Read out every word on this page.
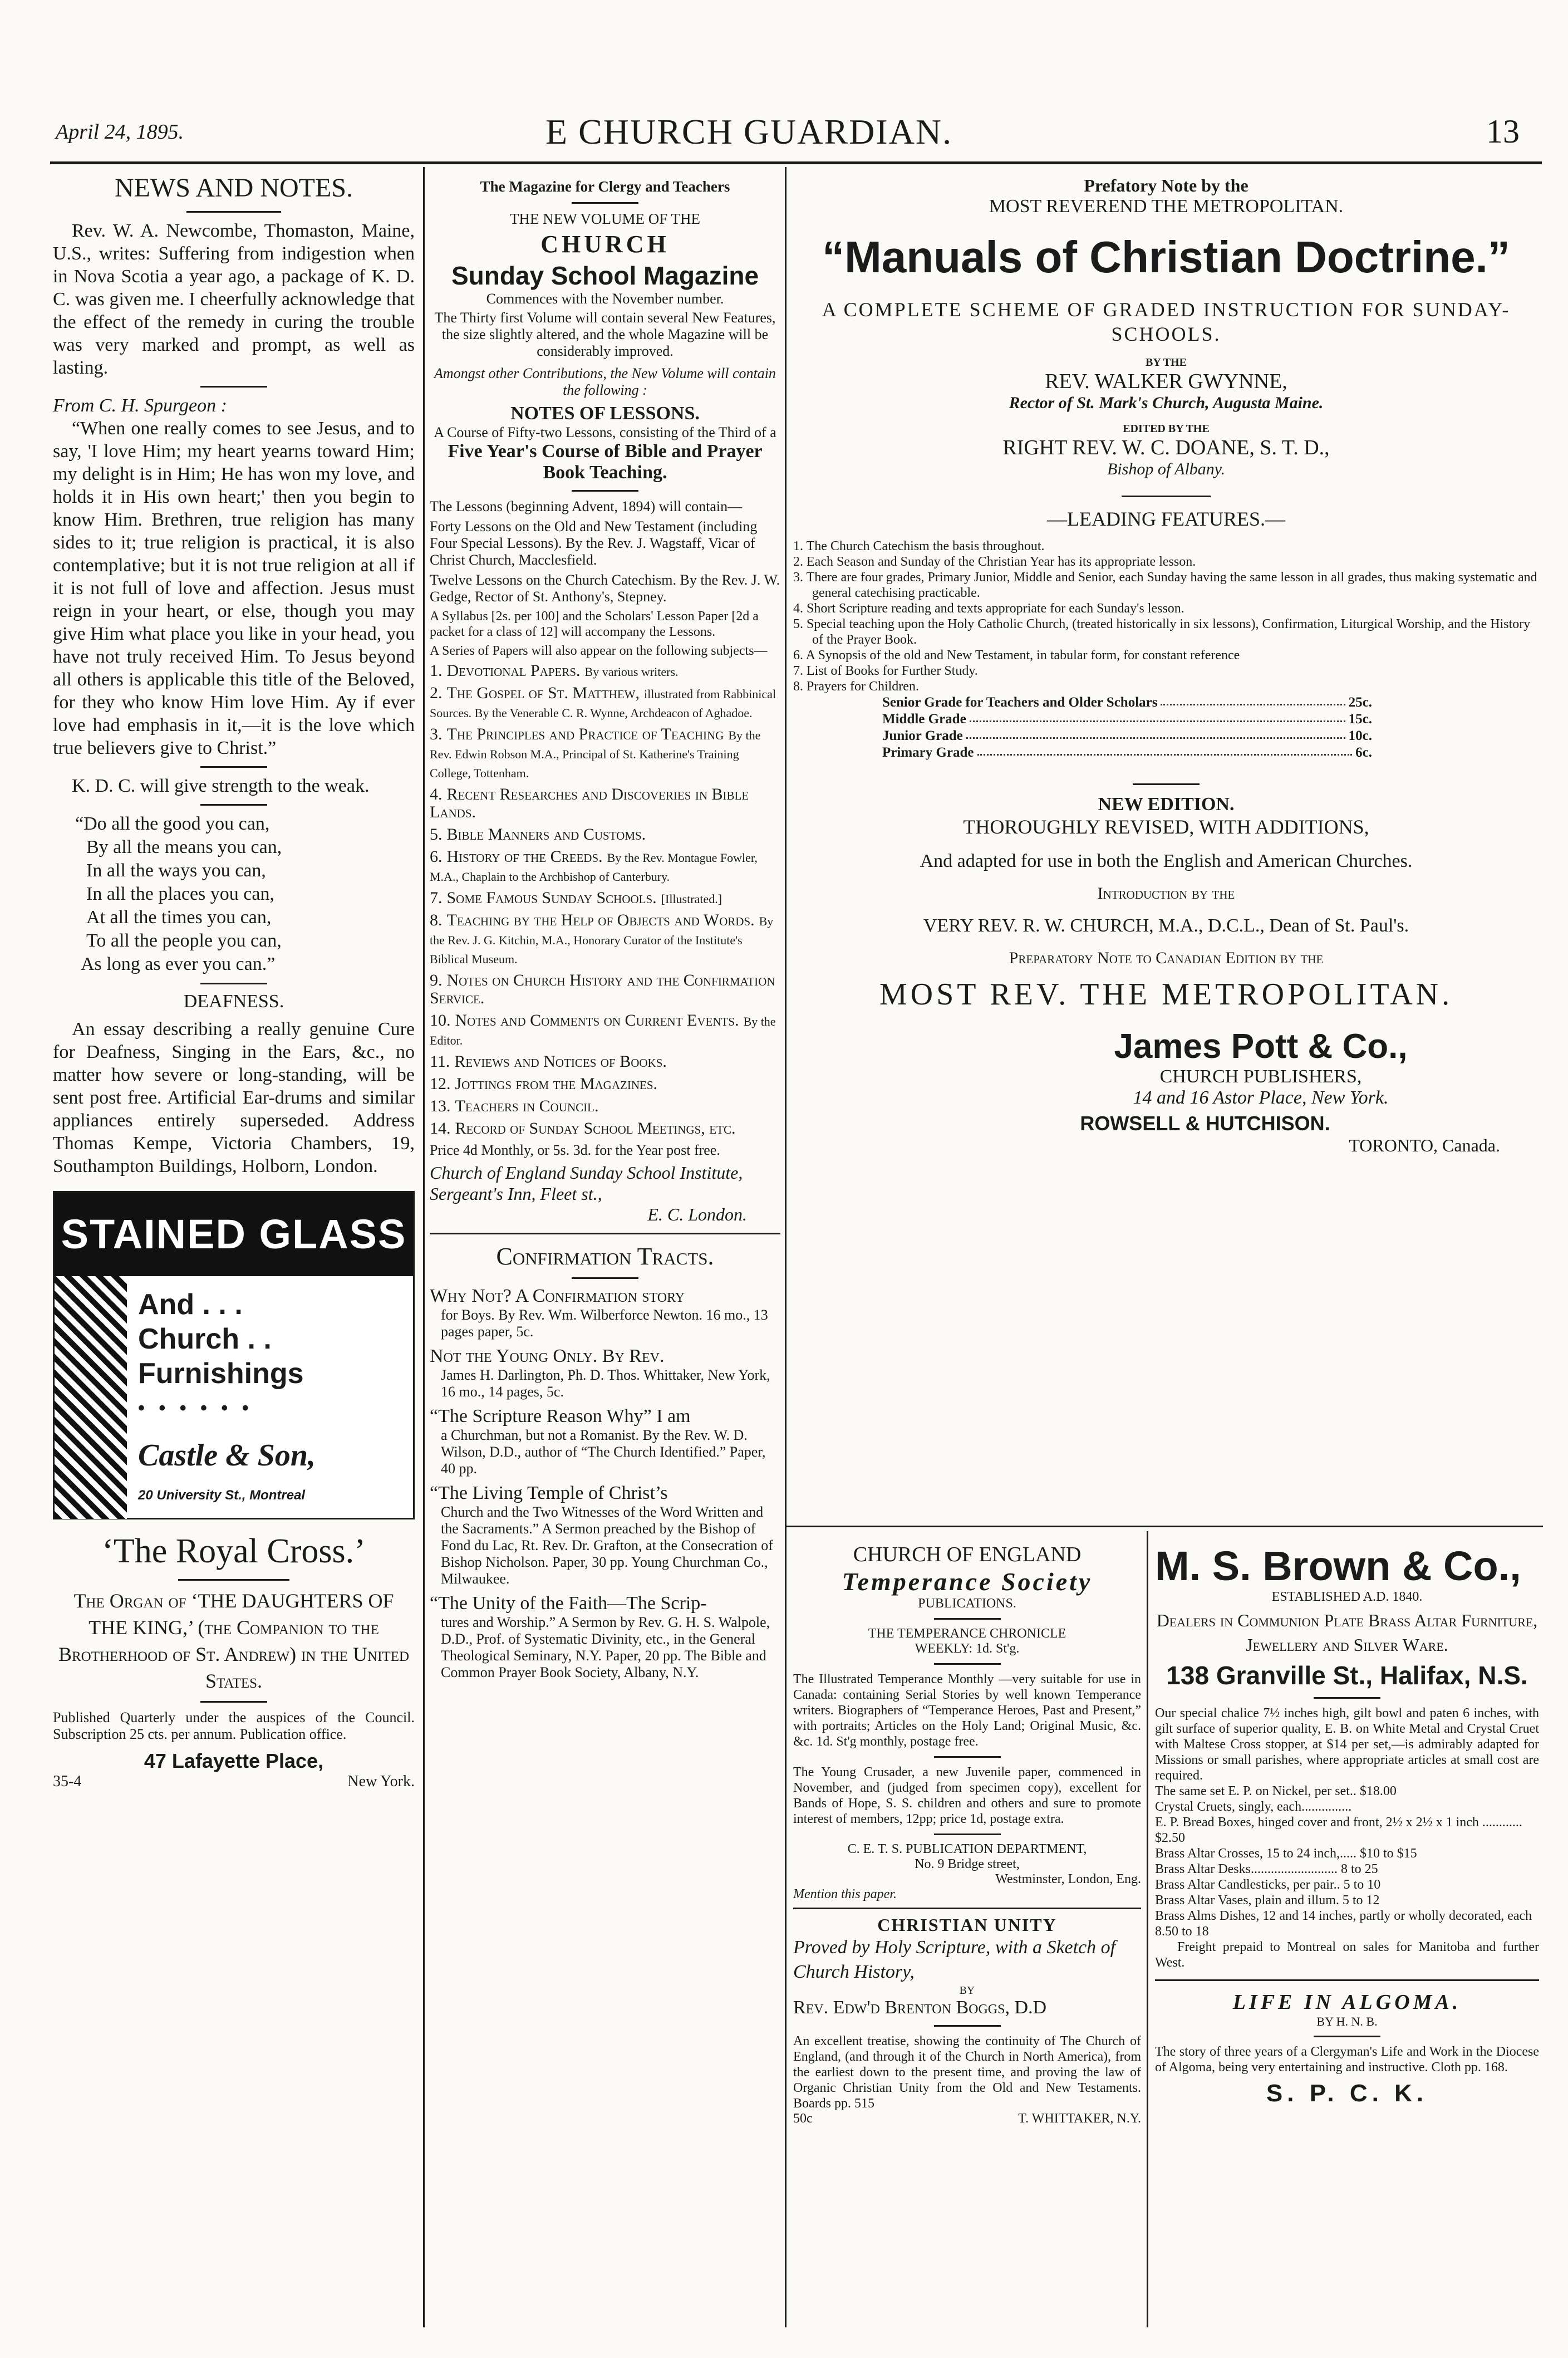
April 24, 1895.	E CHURCH GUARDIAN.	13
NEWS AND NOTES.

Rev. W. A. Newcombe, Thomaston, Maine, U.S., writes: Suffering from indigestion when in Nova Scotia a year ago, a package of K. D. C. was given me. I cheerfully acknowledge that the effect of the remedy in curing the trouble was very marked and prompt, as well as lasting.

From C. H. Spurgeon :

“When one really comes to see Jesus, and to say, 'I love Him; my heart yearns toward Him; my delight is in Him; He has won my love, and holds it in His own heart;' then you begin to know Him. Brethren, true religion has many sides to it; true religion is practical, it is also contemplative; but it is not true religion at all if it is not full of love and affection. Jesus must reign in your heart, or else, though you may give Him what place you like in your head, you have not truly received Him. To Jesus beyond all others is applicable this title of the Beloved, for they who know Him love Him. Ay if ever love had emphasis in it,—it is the love which true believers give to Christ.”

K. D. C. will give strength to the weak.

“Do all the good you can,
By all the means you can,
In all the ways you can,
In all the places you can,
At all the times you can,
To all the people you can,
As long as ever you can.”
DEAFNESS.

An essay describing a really genuine Cure for Deafness, Singing in the Ears, &c., no matter how severe or long-standing, will be sent post free. Artificial Ear-drums and similar appliances entirely superseded. Address Thomas Kempe, Victoria Chambers, 19, Southampton Buildings, Holborn, London.

STAINED GLASS
And . . .
Church . .
Furnishings
• • • • • •
Castle & Son,
20 University St., Montreal
‘The Royal Cross.’

The Organ of ‘THE DAUGHTERS OF THE KING,’ (the Companion to the Brotherhood of St. Andrew) in the United States.

Published Quarterly under the auspices of the Council. Subscription 25 cts. per annum. Publication office.

47 Lafayette Place,
35-4	New York.
The Magazine for Clergy and Teachers
THE NEW VOLUME OF THE
CHURCH
Sunday School Magazine
Commences with the November number.

The Thirty first Volume will contain several New Features, the size slightly altered, and the whole Magazine will be considerably improved.

Amongst other Contributions, the New Volume will contain the following :

NOTES OF LESSONS.

A Course of Fifty-two Lessons, consisting of the Third of a

Five Year's Course of Bible and Prayer Book Teaching.

The Lessons (beginning Advent, 1894) will contain—

Forty Lessons on the Old and New Testament (including Four Special Lessons). By the Rev. J. Wagstaff, Vicar of Christ Church, Macclesfield.

Twelve Lessons on the Church Catechism. By the Rev. J. W. Gedge, Rector of St. Anthony's, Stepney.

A Syllabus [2s. per 100] and the Scholars' Lesson Paper [2d a packet for a class of 12] will accompany the Lessons.

A Series of Papers will also appear on the following subjects—

1. Devotional Papers. By various writers.
2. The Gospel of St. Matthew, illustrated from Rabbinical Sources. By the Venerable C. R. Wynne, Archdeacon of Aghadoe.
3. The Principles and Practice of Teaching By the Rev. Edwin Robson M.A., Principal of St. Katherine's Training College, Tottenham.
4. Recent Researches and Discoveries in Bible Lands.
5. Bible Manners and Customs.
6. History of the Creeds. By the Rev. Montague Fowler, M.A., Chaplain to the Archbishop of Canterbury.
7. Some Famous Sunday Schools. [Illustrated.]
8. Teaching by the Help of Objects and Words. By the Rev. J. G. Kitchin, M.A., Honorary Curator of the Institute's Biblical Museum.
9. Notes on Church History and the Confirmation Service.
10. Notes and Comments on Current Events. By the Editor.
11. Reviews and Notices of Books.
12. Jottings from the Magazines.
13. Teachers in Council.
14. Record of Sunday School Meetings, etc.

Price 4d Monthly, or 5s. 3d. for the Year post free.

Church of England Sunday School Institute, Sergeant's Inn, Fleet st.,

E. C. London.
Confirmation Tracts.
Why Not? A Confirmation story
for Boys. By Rev. Wm. Wilberforce Newton. 16 mo., 13 pages paper, 5c.
Not the Young Only. By Rev.
James H. Darlington, Ph. D. Thos. Whittaker, New York, 16 mo., 14 pages, 5c.
“The Scripture Reason Why” I am
a Churchman, but not a Romanist. By the Rev. W. D. Wilson, D.D., author of “The Church Identified.” Paper, 40 pp.
“The Living Temple of Christ’s
Church and the Two Witnesses of the Word Written and the Sacraments.” A Sermon preached by the Bishop of Fond du Lac, Rt. Rev. Dr. Grafton, at the Consecration of Bishop Nicholson. Paper, 30 pp. Young Churchman Co., Milwaukee.
“The Unity of the Faith—The Scrip-
tures and Worship.” A Sermon by Rev. G. H. S. Walpole, D.D., Prof. of Systematic Divinity, etc., in the General Theological Seminary, N.Y. Paper, 20 pp. The Bible and Common Prayer Book Society, Albany, N.Y.
Prefatory Note by the
MOST REVEREND THE METROPOLITAN.
“Manuals of Christian Doctrine.”
A COMPLETE SCHEME OF GRADED INSTRUCTION FOR SUNDAY-SCHOOLS.
BY THE
REV. WALKER GWYNNE,
Rector of St. Mark's Church, Augusta Maine.
EDITED BY THE
RIGHT REV. W. C. DOANE, S. T. D.,
Bishop of Albany.
—LEADING FEATURES.—
1. The Church Catechism the basis throughout.
2. Each Season and Sunday of the Christian Year has its appropriate lesson.
3. There are four grades, Primary Junior, Middle and Senior, each Sunday having the same lesson in all grades, thus making systematic and general catechising practicable.
4. Short Scripture reading and texts appropriate for each Sunday's lesson.
5. Special teaching upon the Holy Catholic Church, (treated historically in six lessons), Confirmation, Liturgical Worship, and the History of the Prayer Book.
6. A Synopsis of the old and New Testament, in tabular form, for constant reference
7. List of Books for Further Study.
8. Prayers for Children.
Senior Grade for Teachers and Older Scholars	25c.
Middle Grade	15c.
Junior Grade	10c.
Primary Grade	6c.
NEW EDITION.
THOROUGHLY REVISED, WITH ADDITIONS,
And adapted for use in both the English and American Churches.
Introduction by the
VERY REV. R. W. CHURCH, M.A., D.C.L., Dean of St. Paul's.
Preparatory Note to Canadian Edition by the
MOST REV. THE METROPOLITAN.
James Pott & Co.,
CHURCH PUBLISHERS,
14 and 16 Astor Place, New York.
ROWSELL & HUTCHISON.
TORONTO, Canada.
CHURCH OF ENGLAND
Temperance Society
PUBLICATIONS.
THE TEMPERANCE CHRONICLE
WEEKLY: 1d. St'g.

The Illustrated Temperance Monthly —very suitable for use in Canada: containing Serial Stories by well known Temperance writers. Biographers of “Temperance Heroes, Past and Present,” with portraits; Articles on the Holy Land; Original Music, &c. &c. 1d. St'g monthly, postage free.

The Young Crusader, a new Juvenile paper, commenced in November, and (judged from specimen copy), excellent for Bands of Hope, S. S. children and others and sure to promote interest of members, 12pp; price 1d, postage extra.

C. E. T. S. PUBLICATION DEPARTMENT,
No. 9 Bridge street,
Westminster, London, Eng.
Mention this paper.
CHRISTIAN UNITY

Proved by Holy Scripture, with a Sketch of Church History,

BY
Rev. Edw'd Brenton Boggs, D.D

An excellent treatise, showing the continuity of The Church of England, (and through it of the Church in North America), from the earliest down to the present time, and proving the law of Organic Christian Unity from the Old and New Testaments. Boards pp. 515

50c	T. WHITTAKER, N.Y.
M. S. Brown & Co.,
ESTABLISHED A.D. 1840.

Dealers in Communion Plate Brass Altar Furniture, Jewellery and Silver Ware.

138 Granville St., Halifax, N.S.

Our special chalice 7½ inches high, gilt bowl and paten 6 inches, with gilt surface of superior quality, E. B. on White Metal and Crystal Cruet with Maltese Cross stopper, at $14 per set,—is admirably adapted for Missions or small parishes, where appropriate articles at small cost are required.

The same set E. P. on Nickel, per set.. $18.00
Crystal Cruets, singly, each...............
E. P. Bread Boxes, hinged cover and front, 2½ x 2½ x 1 inch ............ $2.50
Brass Altar Crosses, 15 to 24 inch,..... $10 to $15
Brass Altar Desks.......................... 8 to 25
Brass Altar Candlesticks, per pair.. 5 to 10
Brass Altar Vases, plain and illum. 5 to 12
Brass Alms Dishes, 12 and 14 inches, partly or wholly decorated, each 8.50 to 18

Freight prepaid to Montreal on sales for Manitoba and further West.

LIFE IN ALGOMA.
BY H. N. B.

The story of three years of a Clergyman's Life and Work in the Diocese of Algoma, being very entertaining and instructive. Cloth pp. 168.

S. P. C. K.
